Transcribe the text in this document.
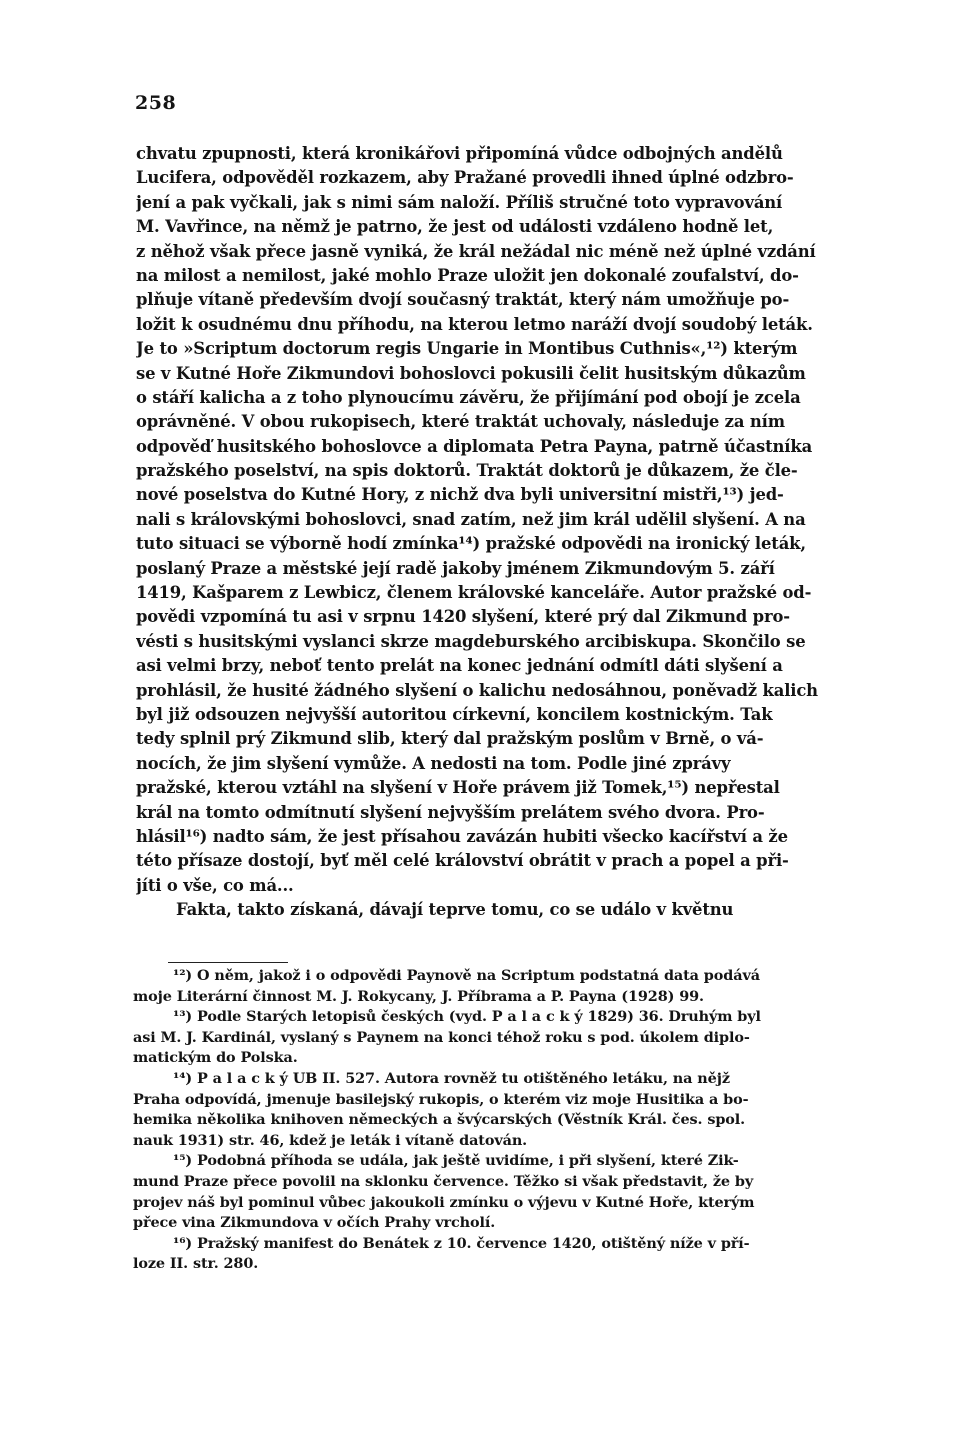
258
chvatu zpupnosti, která kronikářovi připomíná vůdce odbojných andělů
Lucifera, odpověděl rozkazem, aby Pražané provedli ihned úplné odzbro-
jení a pak vyčkali, jak s nimi sám naloží. Příliš stručné toto vypravování
M. Vavřince, na němž je patrno, že jest od události vzdáleno hodně let,
z něhož však přece jasně vyniká, že král nežádal nic méně než úplné vzdání
na milost a nemilost, jaké mohlo Praze uložit jen dokonalé zoufalství, do-
plňuje vítaně především dvojí současný traktát, který nám umožňuje po-
ložit k osudnému dnu příhodu, na kterou letmo naráží dvojí soudobý leták.
Je to »Scriptum doctorum regis Ungarie in Montibus Cuthnis«,¹²) kterým
se v Kutné Hoře Zikmundovi bohoslovci pokusili čelit husitským důkazům
o stáří kalicha a z toho plynoucímu závěru, že přijímání pod obojí je zcela
oprávněné. V obou rukopisech, které traktát uchovaly, následuje za ním
odpověď husitského bohoslovce a diplomata Petra Payna, patrně účastníka
pražského poselství, na spis doktorů. Traktát doktorů je důkazem, že čle-
nové poselstva do Kutné Hory, z nichž dva byli universitní mistři,¹³) jed-
nali s královskými bohoslovci, snad zatím, než jim král udělil slyšení. A na
tuto situaci se výborně hodí zmínka¹⁴) pražské odpovědi na ironický leták,
poslaný Praze a městské její radě jakoby jménem Zikmundovým 5. září
1419, Kašparem z Lewbicz, členem královské kanceláře. Autor pražské od-
povědi vzpomíná tu asi v srpnu 1420 slyšení, které prý dal Zikmund pro-
vésti s husitskými vyslanci skrze magdeburského arcibiskupa. Skončilo se
asi velmi brzy, neboť tento prelát na konec jednání odmítl dáti slyšení a
prohlásil, že husité žádného slyšení o kalichu nedosáhnou, poněvadž kalich
byl již odsouzen nejvyšší autoritou církevní, koncilem kostnickým. Tak
tedy splnil prý Zikmund slib, který dal pražským poslům v Brně, o vá-
nocích, že jim slyšení vymůže. A nedosti na tom. Podle jiné zprávy
pražské, kterou vztáhl na slyšení v Hoře právem již Tomek,¹⁵) nepřestal
král na tomto odmítnutí slyšení nejvyšším prelátem svého dvora. Pro-
hlásil¹⁶) nadto sám, že jest přísahou zavázán hubiti všecko kacířství a že
této přísaze dostojí, byť měl celé království obrátit v prach a popel a při-
jíti o vše, co má...
Fakta, takto získaná, dávají teprve tomu, co se událo v květnu
¹²) O něm, jakož i o odpovědi Paynově na Scriptum podstatná data podává
moje Literární činnost M. J. Rokycany, J. Příbrama a P. Payna (1928) 99.
¹³) Podle Starých letopisů českých (vyd. P a l a c k ý 1829) 36. Druhým byl
asi M. J. Kardinál, vyslaný s Paynem na konci téhož roku s pod. úkolem diplo-
matickým do Polska.
¹⁴) P a l a c k ý UB II. 527. Autora rovněž tu otištěného letáku, na nějž
Praha odpovídá, jmenuje basilejský rukopis, o kterém viz moje Husitika a bo-
hemika několika knihoven německých a švýcarských (Věstník Král. čes. spol.
nauk 1931) str. 46, kdež je leták i vítaně datován.
¹⁵) Podobná příhoda se udála, jak ještě uvidíme, i při slyšení, které Zik-
mund Praze přece povolil na sklonku července. Těžko si však představit, že by
projev náš byl pominul vůbec jakoukoli zmínku o výjevu v Kutné Hoře, kterým
přece vina Zikmundova v očích Prahy vrcholí.
¹⁶) Pražský manifest do Benátek z 10. července 1420, otištěný níže v pří-
loze II. str. 280.
